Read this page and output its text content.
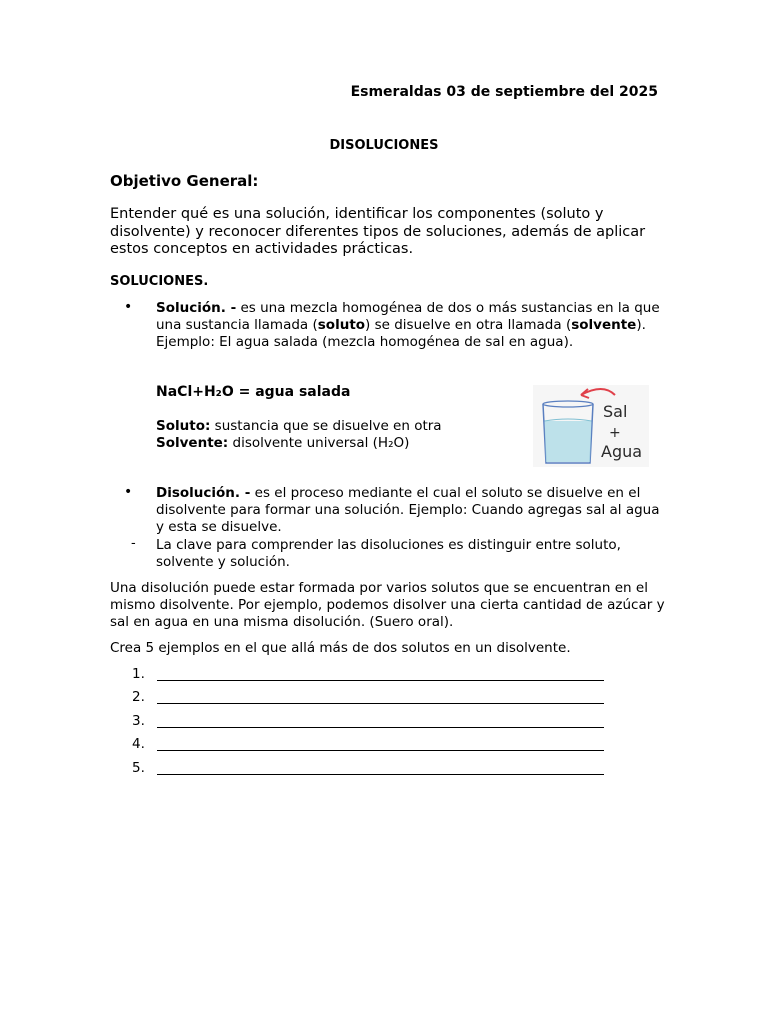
Esmeraldas 03 de septiembre del 2025
DISOLUCIONES
Objetivo General:
Entender qué es una solución, identificar los componentes (soluto y disolvente) y reconocer diferentes tipos de soluciones, además de aplicar estos conceptos en actividades prácticas.
SOLUCIONES.
• Solución. - es una mezcla homogénea de dos o más sustancias en la que una sustancia llamada (soluto) se disuelve en otra llamada (solvente). Ejemplo: El agua salada (mezcla homogénea de sal en agua).
NaCl+H₂O = agua salada
Soluto: sustancia que se disuelve en otra
Solvente: disolvente universal (H₂O)
Sal
+
Agua
• Disolución. - es el proceso mediante el cual el soluto se disuelve en el disolvente para formar una solución. Ejemplo: Cuando agregas sal al agua y esta se disuelve.
- La clave para comprender las disoluciones es distinguir entre soluto, solvente y solución.
Una disolución puede estar formada por varios solutos que se encuentran en el mismo disolvente. Por ejemplo, podemos disolver una cierta cantidad de azúcar y sal en agua en una misma disolución. (Suero oral).
Crea 5 ejemplos en el que allá más de dos solutos en un disolvente.
1.
2.
3.
4.
5.
